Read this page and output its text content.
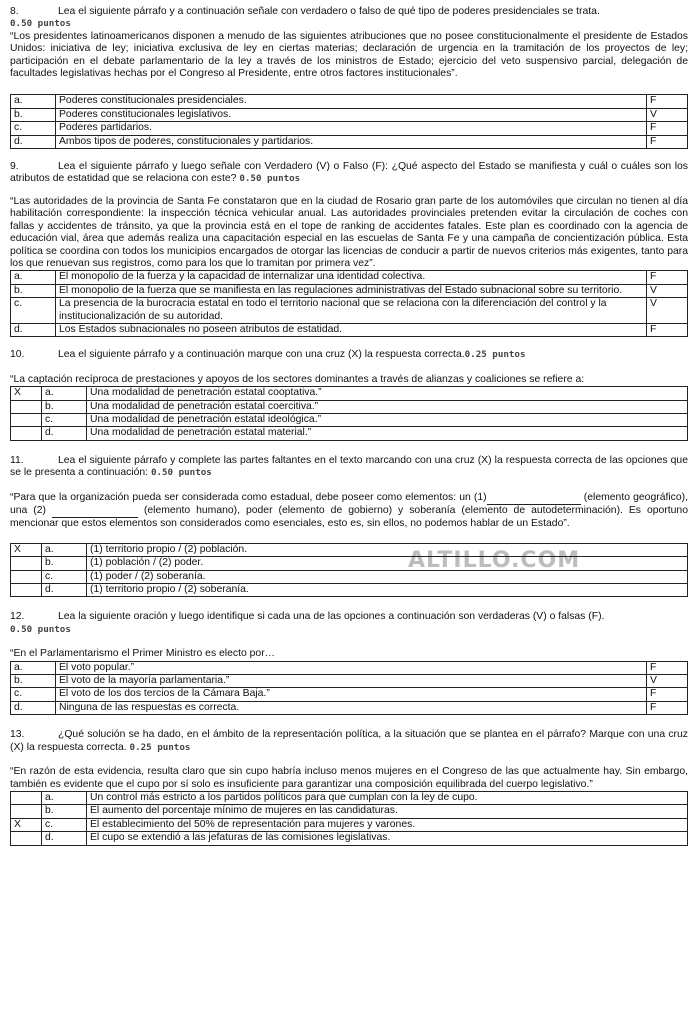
ALTILLO.COM
8.	Lea el siguiente párrafo y a continuación señale con verdadero o falso de qué tipo de poderes presidenciales se trata.
0.50 puntos

“Los presidentes latinoamericanos disponen a menudo de las siguientes atribuciones que no posee constitucionalmente el presidente de Estados Unidos: iniciativa de ley; iniciativa exclusiva de ley en ciertas materias; declaración de urgencia en la tramitación de los proyectos de ley; participación en el debate parlamentario de la ley a través de los ministros de Estado; ejercicio del veto suspensivo parcial, delegación de facultades legislativas hechas por el Congreso al Presidente, entre otros factores institucionales”.

a.	Poderes constitucionales presidenciales.	F
b.	Poderes constitucionales legislativos.	V
c.	Poderes partidarios.	F
d.	Ambos tipos de poderes, constitucionales y partidarios.	F
9.	Lea el siguiente párrafo y luego señale con Verdadero (V) o Falso (F): ¿Qué aspecto del Estado se manifiesta y cuál o cuáles son los atributos de estatidad que se relaciona con este? 0.50 puntos

“Las autoridades de la provincia de Santa Fe constataron que en la ciudad de Rosario gran parte de los automóviles que circulan no tienen al día habilitación correspondiente: la inspección técnica vehicular anual. Las autoridades provinciales pretenden evitar la circulación de coches con fallas y accidentes de tránsito, ya que la provincia está en el tope de ranking de accidentes fatales. Este plan es coordinado con la agencia de educación vial, área que además realiza una capacitación especial en las escuelas de Santa Fe y una campaña de concientización pública. Esta política se coordina con todos los municipios encargados de otorgar las licencias de conducir a partir de nuevos criterios más exigentes, tanto para los que renuevan sus registros, como para los que lo tramitan por primera vez”.

a.	El monopolio de la fuerza y la capacidad de internalizar una identidad colectiva.	F
b.	El monopolio de la fuerza que se manifiesta en las regulaciones administrativas del Estado subnacional sobre su territorio.	V
c.	La presencia de la burocracia estatal en todo el territorio nacional que se relaciona con la diferenciación del control y la institucionalización de su autoridad.	V
d.	Los Estados subnacionales no poseen atributos de estatidad.	F
10.	Lea el siguiente párrafo y a continuación marque con una cruz (X) la respuesta correcta.0.25 puntos

“La captación recíproca de prestaciones y apoyos de los sectores dominantes a través de alianzas y coaliciones se refiere a:

X	a.	Una modalidad de penetración estatal cooptativa.”
	b.	Una modalidad de penetración estatal coercitiva.”
	c.	Una modalidad de penetración estatal ideológica.”
	d.	Una modalidad de penetración estatal material.”
11.	Lea el siguiente párrafo y complete las partes faltantes en el texto marcando con una cruz (X) la respuesta correcta de las opciones que se le presenta a continuación: 0.50 puntos

“Para que la organización pueda ser considerada como estadual, debe poseer como elementos: un (1)	(elemento geográfico), una (2)	(elemento humano), poder (elemento de gobierno) y soberanía (elemento de autodeterminación). Es oportuno mencionar que estos elementos son considerados como esenciales, esto es, sin ellos, no podemos hablar de un Estado”.

X	a.	(1) territorio propio / (2) población.
	b.	(1) población / (2) poder.
	c.	(1) poder / (2) soberanía.
	d.	(1) territorio propio / (2) soberanía.
12.	Lea la siguiente oración y luego identifique si cada una de las opciones a continuación son verdaderas (V) o falsas (F).
0.50 puntos

“En el Parlamentarismo el Primer Ministro es electo por…

a.	El voto popular.”	F
b.	El voto de la mayoría parlamentaria.”	V
c.	El voto de los dos tercios de la Cámara Baja.”	F
d.	Ninguna de las respuestas es correcta.	F
13.	¿Qué solución se ha dado, en el ámbito de la representación política, a la situación que se plantea en el párrafo? Marque con una cruz (X) la respuesta correcta. 0.25 puntos

“En razón de esta evidencia, resulta claro que sin cupo habría incluso menos mujeres en el Congreso de las que actualmente hay. Sin embargo, también es evidente que el cupo por sí solo es insuficiente para garantizar una composición equilibrada del cuerpo legislativo.”

	a.	Un control más estricto a los partidos políticos para que cumplan con la ley de cupo.
	b.	El aumento del porcentaje mínimo de mujeres en las candidaturas.
X	c.	El establecimiento del 50% de representación para mujeres y varones.
	d.	El cupo se extendió a las jefaturas de las comisiones legislativas.
